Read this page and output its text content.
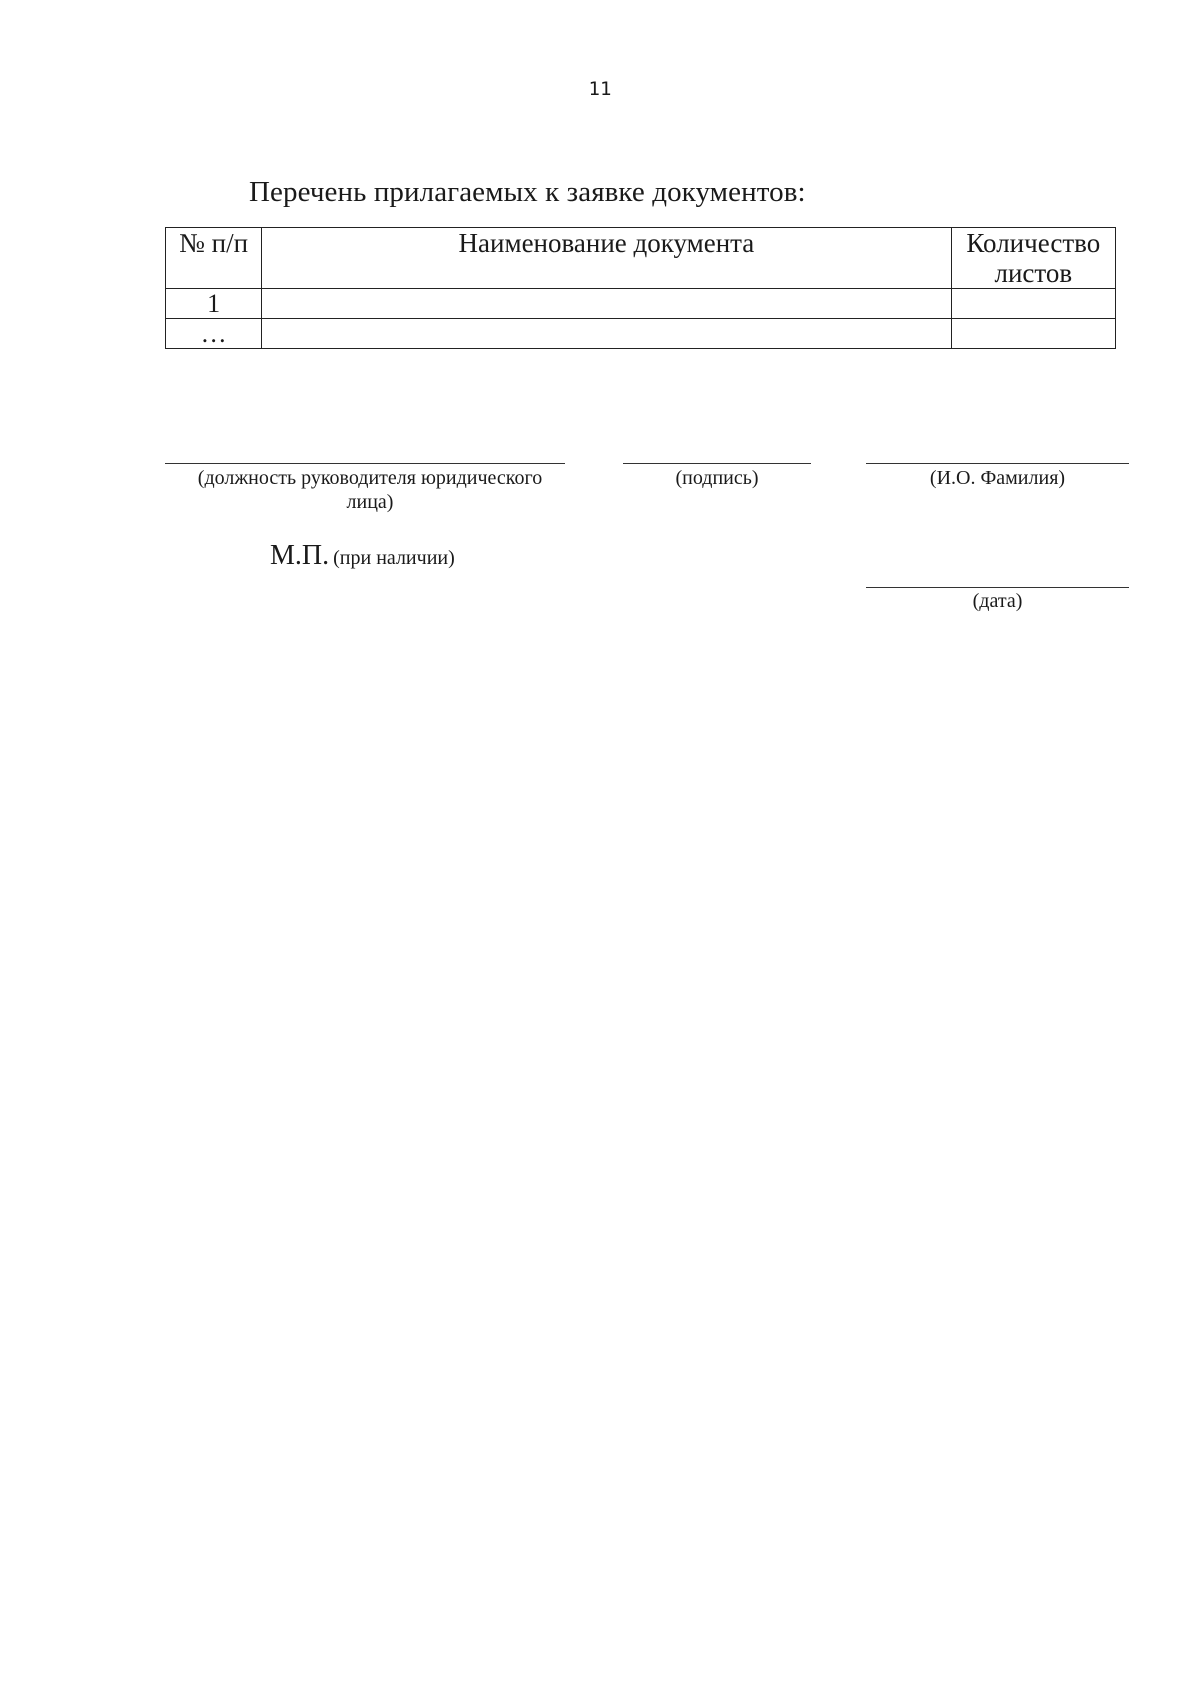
11
Перечень прилагаемых к заявке документов:
№ п/п	Наименование документа	Количество листов
1		
…		
(должность руководителя юридического лица)
(подпись)	(И.О. Фамилия)
М.П. (при наличии)
(дата)
